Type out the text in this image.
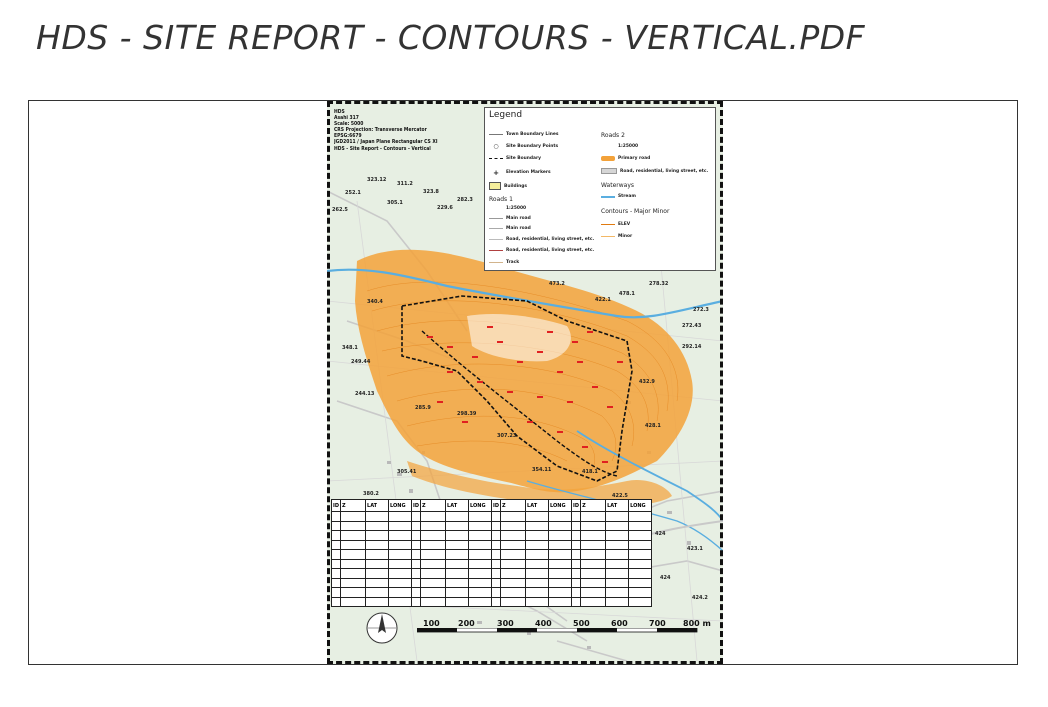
HDS - SITE REPORT - CONTOURS - VERTICAL.PDF
323.12
311.2
323.8
252.1
305.1
229.6
282.3
262.5
422.1
473.2
340.4
478.1
278.32
272.3
272.43
292.14
249.44
348.1
432.9
244.13
285.9
298.39
307.23
428.1
418.1
422.5
354.11
305.41
380.2
424
423.1
424
424.2
HDS
Asahi 317
Scale: 5000
CRS Projection: Transverse Mercator
EPSG:6679
JGD2011 / Japan Plane Rectangular CS XI
HDS - Site Report - Contours - Vertical
Legend
Town Boundary Lines
○	Site Boundary Points
Site Boundary
+	Elevation Markers
Buildings
Roads 1
1:25000
Main road
Main road
Road, residential, living street, etc.
Road, residential, living street, etc.
Track
Roads 2
1:25000
Primary road
Road, residential, living street, etc.
Waterways
Stream
Contours - Major Minor
ELEV
Minor
ID	Z	LAT	LONG	ID	Z	LAT	LONG	ID	Z	LAT	LONG	ID	Z	LAT	LONG

100 200	300	400	500	600	700 800 m
